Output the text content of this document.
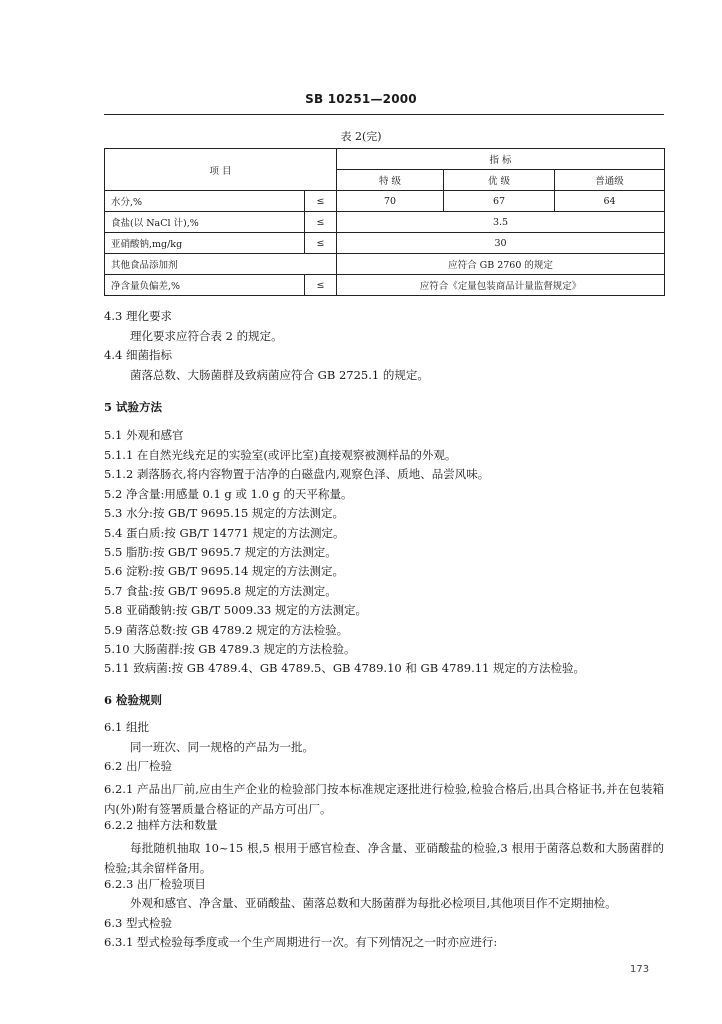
SB 10251—2000
表 2(完)
项 目		指 标		
		特 级	优 级	普通级
水分,%	≤	70	67	64
食盐(以 NaCl 计),%	≤	3.5		
亚硝酸钠,mg/kg	≤	30		
其他食品添加剂		应符合 GB 2760 的规定		
净含量负偏差,%	≤	应符合《定量包装商品计量监督规定》		
4.3 理化要求
理化要求应符合表 2 的规定。
4.4 细菌指标
菌落总数、大肠菌群及致病菌应符合 GB 2725.1 的规定。
5 试验方法
5.1 外观和感官
5.1.1 在自然光线充足的实验室(或评比室)直接观察被测样品的外观。
5.1.2 剥落肠衣,将内容物置于洁净的白磁盘内,观察色泽、质地、品尝风味。
5.2 净含量:用感量 0.1 g 或 1.0 g 的天平称量。
5.3 水分:按 GB/T 9695.15 规定的方法测定。
5.4 蛋白质:按 GB/T 14771 规定的方法测定。
5.5 脂肪:按 GB/T 9695.7 规定的方法测定。
5.6 淀粉:按 GB/T 9695.14 规定的方法测定。
5.7 食盐:按 GB/T 9695.8 规定的方法测定。
5.8 亚硝酸钠:按 GB/T 5009.33 规定的方法测定。
5.9 菌落总数:按 GB 4789.2 规定的方法检验。
5.10 大肠菌群:按 GB 4789.3 规定的方法检验。
5.11 致病菌:按 GB 4789.4、GB 4789.5、GB 4789.10 和 GB 4789.11 规定的方法检验。
6 检验规则
6.1 组批
同一班次、同一规格的产品为一批。
6.2 出厂检验
6.2.1 产品出厂前,应由生产企业的检验部门按本标准规定逐批进行检验,检验合格后,出具合格证书,并在包装箱内(外)附有签署质量合格证的产品方可出厂。
6.2.2 抽样方法和数量
每批随机抽取 10~15 根,5 根用于感官检查、净含量、亚硝酸盐的检验,3 根用于菌落总数和大肠菌群的检验;其余留样备用。
6.2.3 出厂检验项目
外观和感官、净含量、亚硝酸盐、菌落总数和大肠菌群为每批必检项目,其他项目作不定期抽检。
6.3 型式检验
6.3.1 型式检验每季度或一个生产周期进行一次。有下列情况之一时亦应进行:
173
